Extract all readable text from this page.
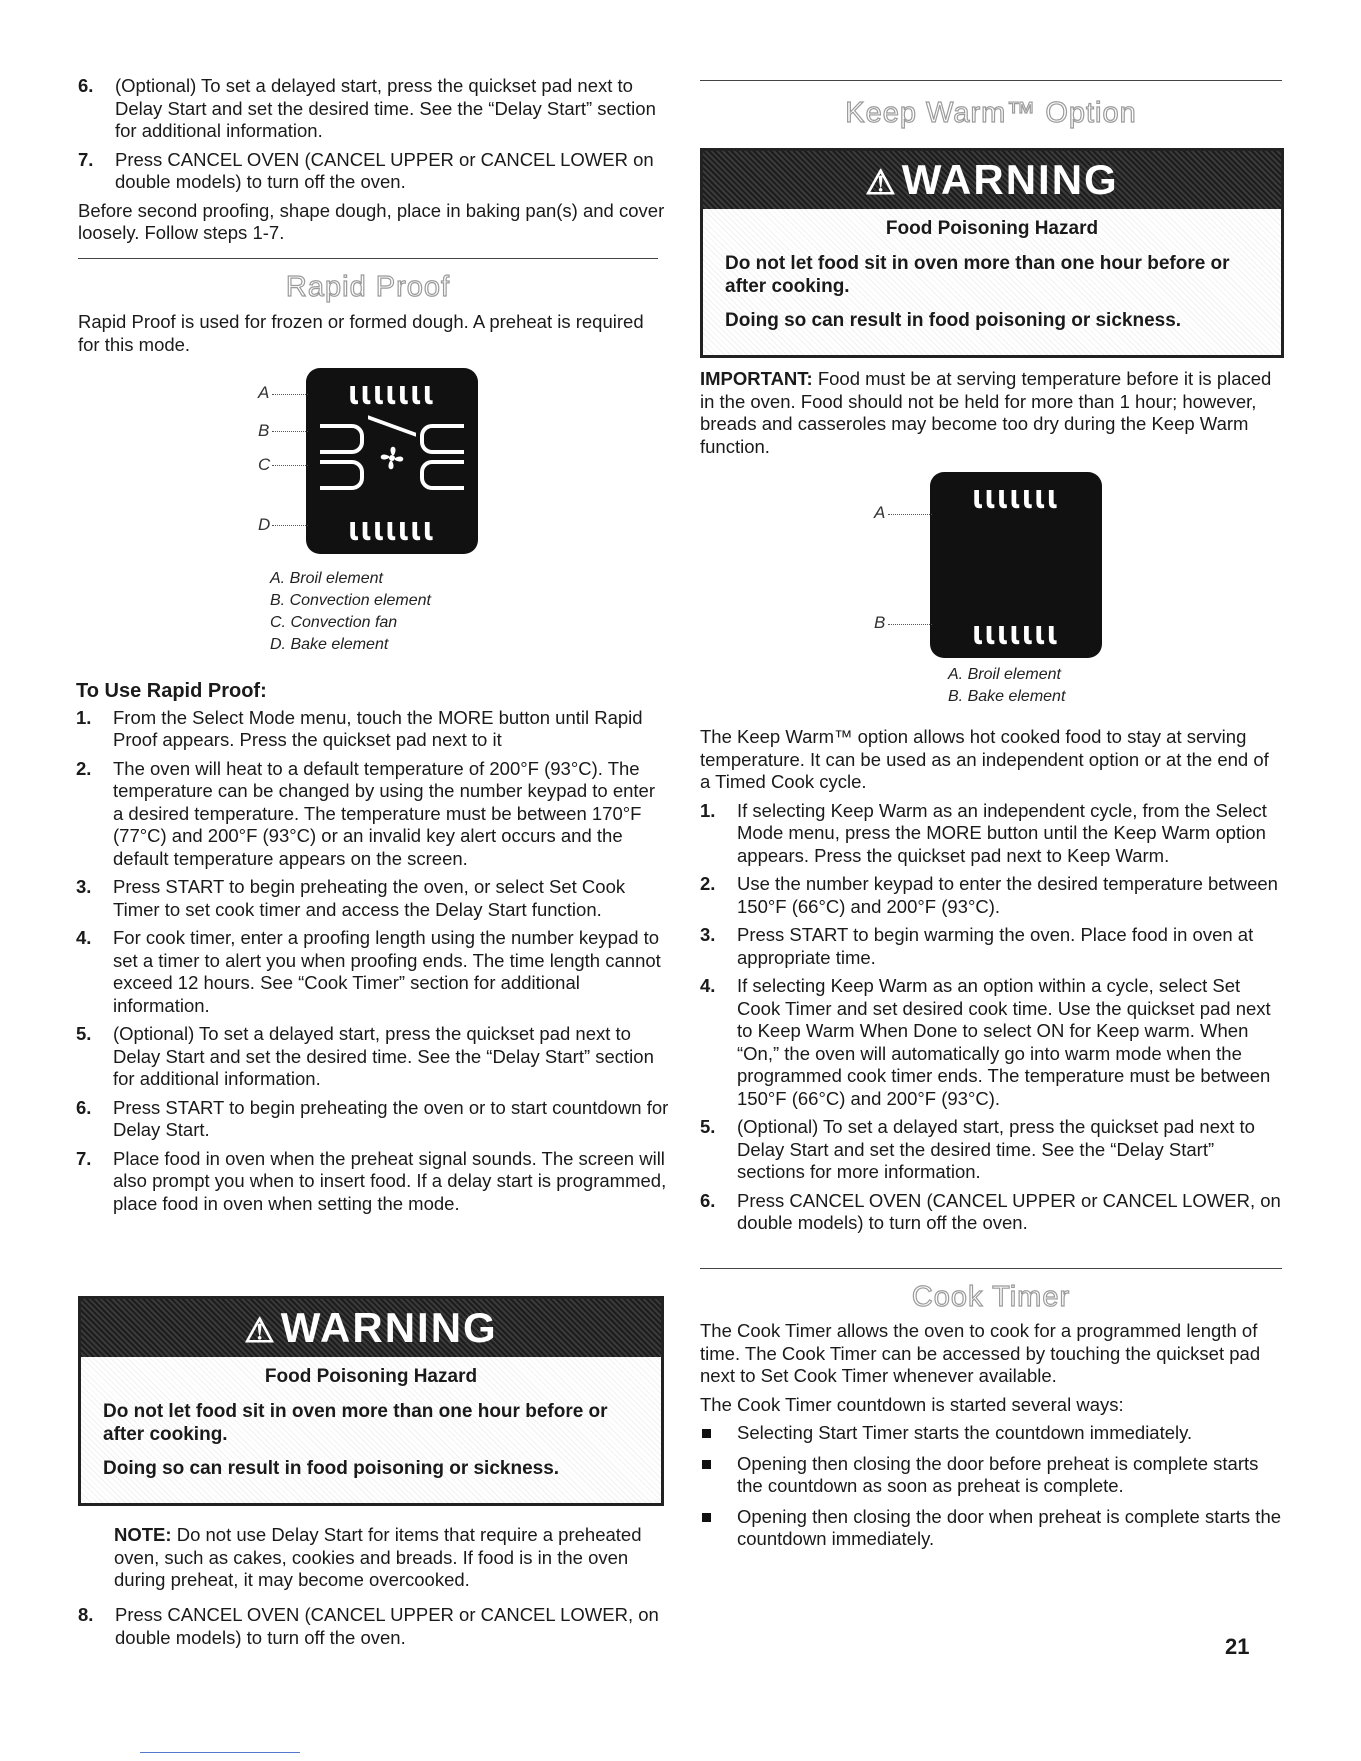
6. (Optional) To set a delayed start, press the quickset pad next to Delay Start and set the desired time. See the “Delay Start” section for additional information.
7. Press CANCEL OVEN (CANCEL UPPER or CANCEL LOWER on double models) to turn off the oven.

Before second proofing, shape dough, place in baking pan(s) and cover loosely. Follow steps 1-7.

Rapid Proof

Rapid Proof is used for frozen or formed dough. A preheat is required for this mode.

ɩɩɩɩɩɩɩ
ɩɩɩɩɩɩɩ
A
B
C
D
A. Broil element
B. Convection element
C. Convection fan
D. Bake element
To Use Rapid Proof:
1. From the Select Mode menu, touch the MORE button until Rapid Proof appears. Press the quickset pad next to it
2. The oven will heat to a default temperature of 200°F (93°C). The temperature can be changed by using the number keypad to enter a desired temperature. The temperature must be between 170°F (77°C) and 200°F (93°C) or an invalid key alert occurs and the default temperature appears on the screen.
3. Press START to begin preheating the oven, or select Set Cook Timer to set cook timer and access the Delay Start function.
4. For cook timer, enter a proofing length using the number keypad to set a timer to alert you when proofing ends. The time length cannot exceed 12 hours. See “Cook Timer” section for additional information.
5. (Optional) To set a delayed start, press the quickset pad next to Delay Start and set the desired time. See the “Delay Start” section for additional information.
6. Press START to begin preheating the oven or to start countdown for Delay Start.
7. Place food in oven when the preheat signal sounds. The screen will also prompt you when to insert food. If a delay start is programmed, place food in oven when setting the mode.
⚠WARNING
Food Poisoning Hazard

Do not let food sit in oven more than one hour before or after cooking.

Doing so can result in food poisoning or sickness.

NOTE: Do not use Delay Start for items that require a preheated oven, such as cakes, cookies and breads. If food is in the oven during preheat, it may become overcooked.
8. Press CANCEL OVEN (CANCEL UPPER or CANCEL LOWER, on double models) to turn off the oven.
Keep Warm™ Option
⚠WARNING
Food Poisoning Hazard

Do not let food sit in oven more than one hour before or after cooking.

Doing so can result in food poisoning or sickness.

IMPORTANT: Food must be at serving temperature before it is placed in the oven. Food should not be held for more than 1 hour; however, breads and casseroles may become too dry during the Keep Warm function.

ɩɩɩɩɩɩɩ
ɩɩɩɩɩɩɩ
A
B
A. Broil element
B. Bake element

The Keep Warm™ option allows hot cooked food to stay at serving temperature. It can be used as an independent option or at the end of a Timed Cook cycle.

1. If selecting Keep Warm as an independent cycle, from the Select Mode menu, press the MORE button until the Keep Warm option appears. Press the quickset pad next to Keep Warm.
2. Use the number keypad to enter the desired temperature between 150°F (66°C) and 200°F (93°C).
3. Press START to begin warming the oven. Place food in oven at appropriate time.
4. If selecting Keep Warm as an option within a cycle, select Set Cook Timer and set desired cook time. Use the quickset pad next to Keep Warm When Done to select ON for Keep warm. When “On,” the oven will automatically go into warm mode when the programmed cook timer ends. The temperature must be between 150°F (66°C) and 200°F (93°C).
5. (Optional) To set a delayed start, press the quickset pad next to Delay Start and set the desired time. See the “Delay Start” sections for more information.
6. Press CANCEL OVEN (CANCEL UPPER or CANCEL LOWER, on double models) to turn off the oven.
Cook Timer

The Cook Timer allows the oven to cook for a programmed length of time. The Cook Timer can be accessed by touching the quickset pad next to Set Cook Timer whenever available.

The Cook Timer countdown is started several ways:

Selecting Start Timer starts the countdown immediately.
Opening then closing the door before preheat is complete starts the countdown as soon as preheat is complete.
Opening then closing the door when preheat is complete starts the countdown immediately.
21
